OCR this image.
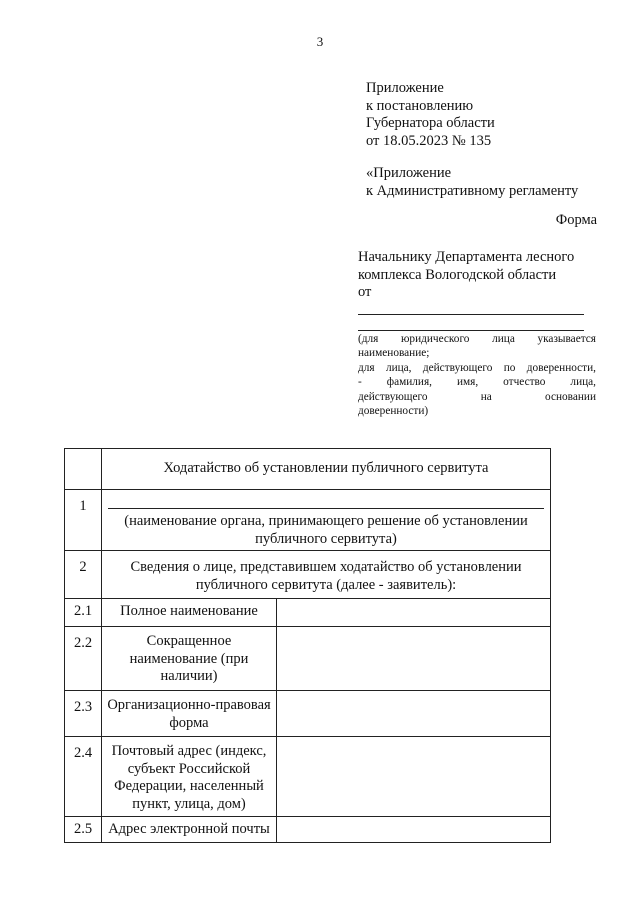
3
Приложение
к постановлению
Губернатора области
от 18.05.2023 № 135
«Приложение
к Административному регламенту
Форма
Начальнику Департамента лесного
комплекса Вологодской области
от
(для юридического лица указывается
наименование;
для лица, действующего по доверенности,
- фамилия, имя, отчество лица,
действующего на основании
доверенности)
	Ходатайство об установлении публичного сервитута	
1	(наименование органа, принимающего решение об установлении публичного сервитута)	

2	Сведения о лице, представившем ходатайство об установлении публичного сервитута (далее - заявитель):	
2.1	Полное наименование	
2.2	Сокращенное наименование (при наличии)	
2.3	Организационно-правовая форма	
2.4	Почтовый адрес (индекс, субъект Российской Федерации, населенный пункт, улица, дом)	
2.5	Адрес электронной почты	
